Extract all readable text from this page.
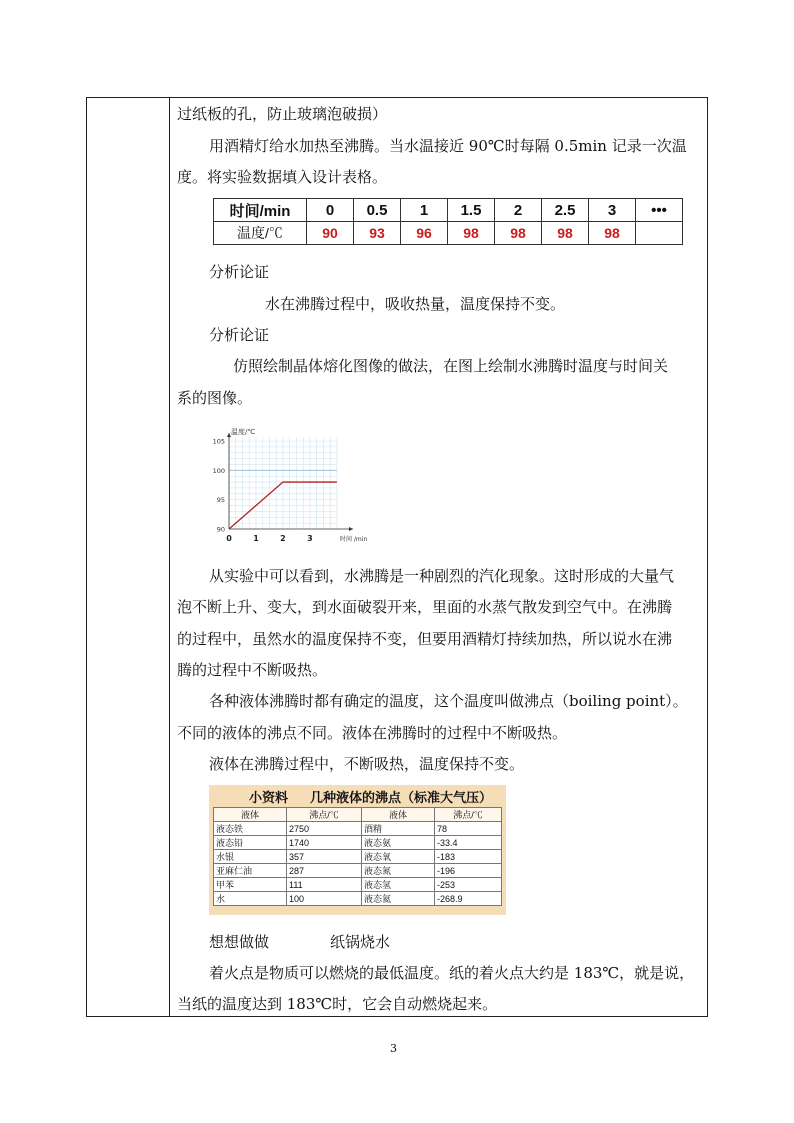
过纸板的孔，防止玻璃泡破损）

用酒精灯给水加热至沸腾。当水温接近 90℃时每隔 0.5min 记录一次温

度。将实验数据填入设计表格。

时间/min	0	0.5	1	1.5	2	2.5	3	•••
温度/℃	90	93	96	98	98	98	98	

分析论证

水在沸腾过程中，吸收热量，温度保持不变。

分析论证

仿照绘制晶体熔化图像的做法，在图上绘制水沸腾时温度与时间关

系的图像。

0	1	2	3
90
95
100
105
温度/℃
时间 /min

从实验中可以看到，水沸腾是一种剧烈的汽化现象。这时形成的大量气

泡不断上升、变大，到水面破裂开来，里面的水蒸气散发到空气中。在沸腾

的过程中，虽然水的温度保持不变，但要用酒精灯持续加热，所以说水在沸

腾的过程中不断吸热。

各种液体沸腾时都有确定的温度，这个温度叫做沸点（boiling point）。

不同的液体的沸点不同。液体在沸腾时的过程中不断吸热。

液体在沸腾过程中，不断吸热，温度保持不变。

小资料 几种液体的沸点（标准大气压）
液体	沸点/℃	液体	沸点/℃
液态铁	2750	酒精	78
液态铅	1740	液态氨	-33.4
水银	357	液态氧	-183
亚麻仁油	287	液态氮	-196
甲苯	111	液态氢	-253
水	100	液态氦	-268.9

想想做做	纸锅烧水

着火点是物质可以燃烧的最低温度。纸的着火点大约是 183℃，就是说，

当纸的温度达到 183℃时，它会自动燃烧起来。

3
